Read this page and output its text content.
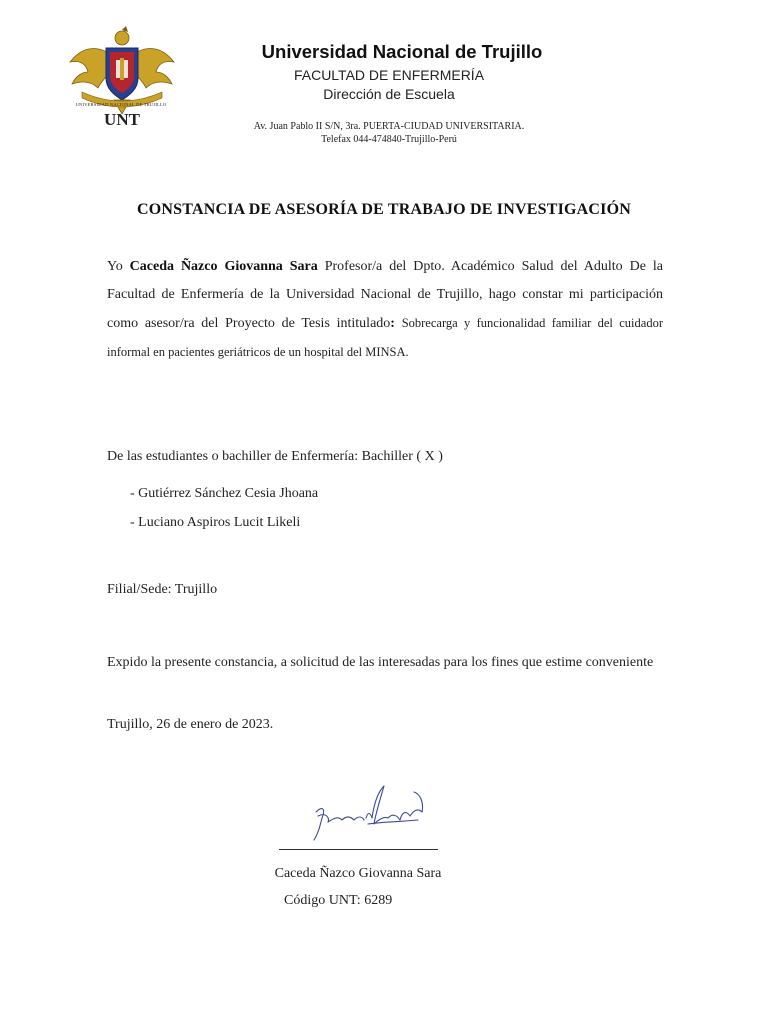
UNIVERSIDAD NACIONAL DE TRUJILLO
UNT
Universidad Nacional de Trujillo
FACULTAD DE ENFERMERÍA
Dirección de Escuela
Av. Juan Pablo II S/N, 3ra. PUERTA-CIUDAD UNIVERSITARIA.
Telefax 044-474840-Trujillo-Perú
CONSTANCIA DE ASESORÍA DE TRABAJO DE INVESTIGACIÓN
Yo Caceda Ñazco Giovanna Sara Profesor/a del Dpto. Académico Salud del Adulto De la Facultad de Enfermería de la Universidad Nacional de Trujillo, hago constar mi participación como asesor/ra del Proyecto de Tesis intitulado: Sobrecarga y funcionalidad familiar del cuidador informal en pacientes geriátricos de un hospital del MINSA.
De las estudiantes o bachiller de Enfermería: Bachiller ( X )
- Gutiérrez Sánchez Cesia Jhoana
- Luciano Aspiros Lucit Likeli
Filial/Sede: Trujillo
Expido la presente constancia, a solicitud de las interesadas para los fines que estime conveniente
Trujillo, 26 de enero de 2023.
Caceda Ñazco Giovanna Sara
Código UNT: 6289
